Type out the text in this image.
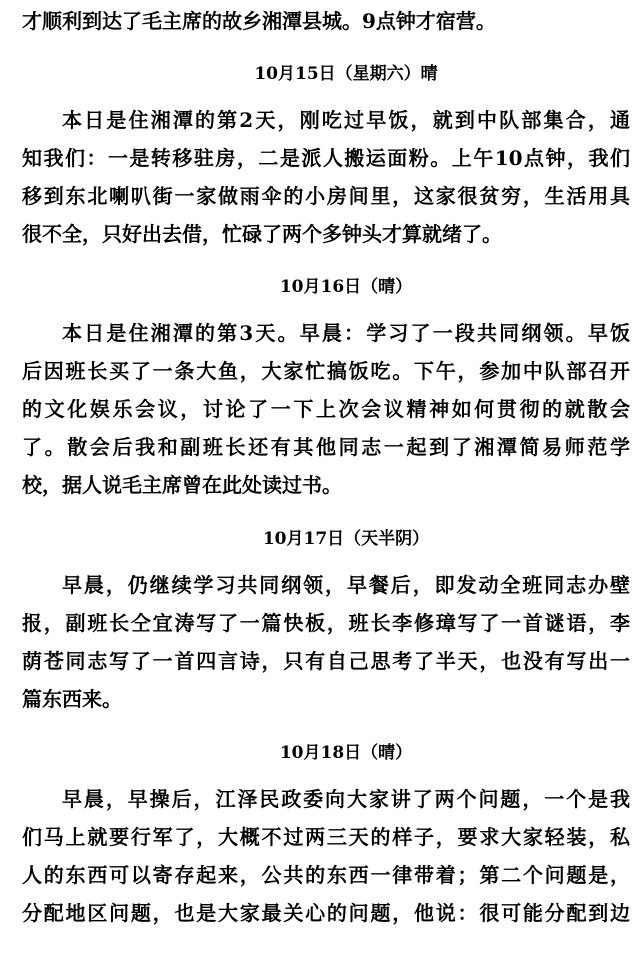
才顺利到达了毛主席的故乡湘潭县城。9点钟才宿营。
10月15日（星期六）晴
本日是住湘潭的第2天，刚吃过早饭，就到中队部集合，通
知我们：一是转移驻房，二是派人搬运面粉。上午10点钟，我们
移到东北喇叭街一家做雨伞的小房间里，这家很贫穷，生活用具
很不全，只好出去借，忙碌了两个多钟头才算就绪了。
10月16日（晴）
本日是住湘潭的第3天。早晨：学习了一段共同纲领。早饭
后因班长买了一条大鱼，大家忙搞饭吃。下午，参加中队部召开
的文化娱乐会议，讨论了一下上次会议精神如何贯彻的就散会
了。散会后我和副班长还有其他同志一起到了湘潭简易师范学
校，据人说毛主席曾在此处读过书。
10月17日（天半阴）
早晨，仍继续学习共同纲领，早餐后，即发动全班同志办壁
报，副班长仝宜涛写了一篇快板，班长李修璋写了一首谜语，李
荫苍同志写了一首四言诗，只有自己思考了半天，也没有写出一
篇东西来。
10月18日（晴）
早晨，早操后，江泽民政委向大家讲了两个问题，一个是我
们马上就要行军了，大概不过两三天的样子，要求大家轻装，私
人的东西可以寄存起来，公共的东西一律带着；第二个问题是，
分配地区问题，也是大家最关心的问题，他说：很可能分配到边
